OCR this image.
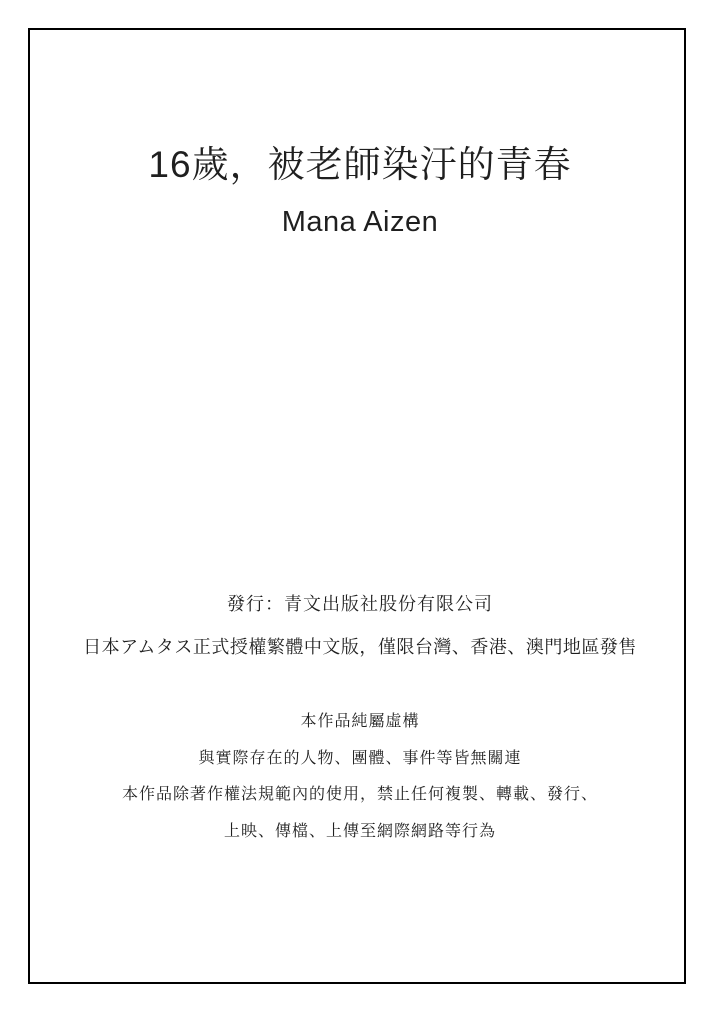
16歲，被老師染汙的青春
Mana Aizen
發行：青文出版社股份有限公司
日本アムタス正式授權繁體中文版，僅限台灣、香港、澳門地區發售
本作品純屬虛構
與實際存在的人物、團體、事件等皆無關連
本作品除著作權法規範內的使用，禁止任何複製、轉載、發行、
上映、傳檔、上傳至網際網路等行為
